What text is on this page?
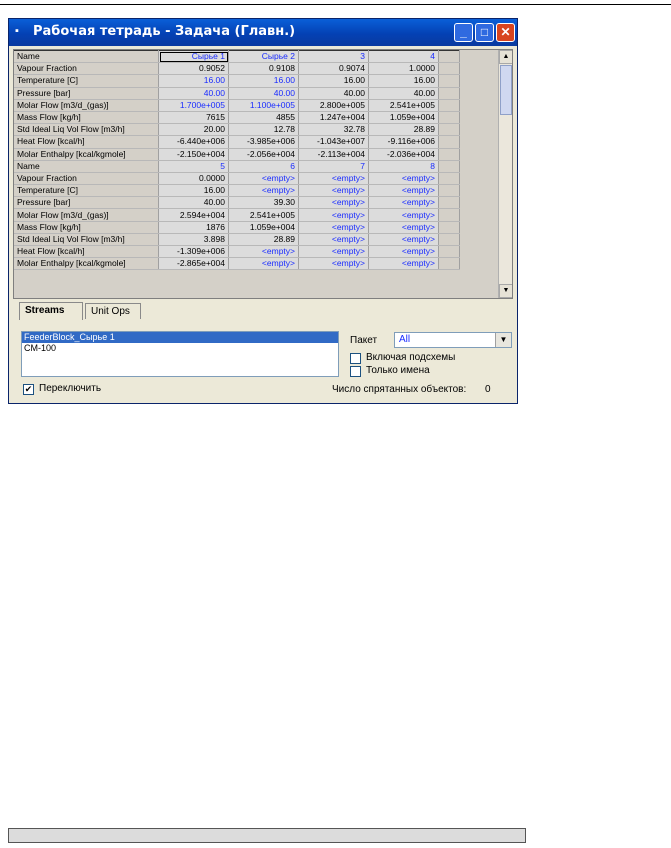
▪	Рабочая тетрадь - Задача (Главн.)	_	□	✕
Name	Сырье 1	Сырье 2	3	4	
Vapour Fraction	0.9052	0.9108	0.9074	1.0000	
Temperature [C]	16.00	16.00	16.00	16.00	
Pressure [bar]	40.00	40.00	40.00	40.00	
Molar Flow [m3/d_(gas)]	1.700e+005	1.100e+005	2.800e+005	2.541e+005	
Mass Flow [kg/h]	7615	4855	1.247e+004	1.059e+004	
Std Ideal Liq Vol Flow [m3/h]	20.00	12.78	32.78	28.89	
Heat Flow [kcal/h]	-6.440e+006	-3.985e+006	-1.043e+007	-9.116e+006	
Molar Enthalpy [kcal/kgmole]	-2.150e+004	-2.056e+004	-2.113e+004	-2.036e+004	
Name	5	6	7	8	
Vapour Fraction	0.0000	<empty>	<empty>	<empty>	
Temperature [C]	16.00	<empty>	<empty>	<empty>	
Pressure [bar]	40.00	39.30	<empty>	<empty>	
Molar Flow [m3/d_(gas)]	2.594e+004	2.541e+005	<empty>	<empty>	
Mass Flow [kg/h]	1876	1.059e+004	<empty>	<empty>	
Std Ideal Liq Vol Flow [m3/h]	3.898	28.89	<empty>	<empty>	
Heat Flow [kcal/h]	-1.309e+006	<empty>	<empty>	<empty>	
Molar Enthalpy [kcal/kgmole]	-2.865e+004	<empty>	<empty>	<empty>	
▲
▼
Streams	Unit Ops
FeederBlock_Сырье 1
CM-100
Пакет All	▼
Включая подсхемы
Только имена
✔ Переключить	Число спрятанных объектов: 0
